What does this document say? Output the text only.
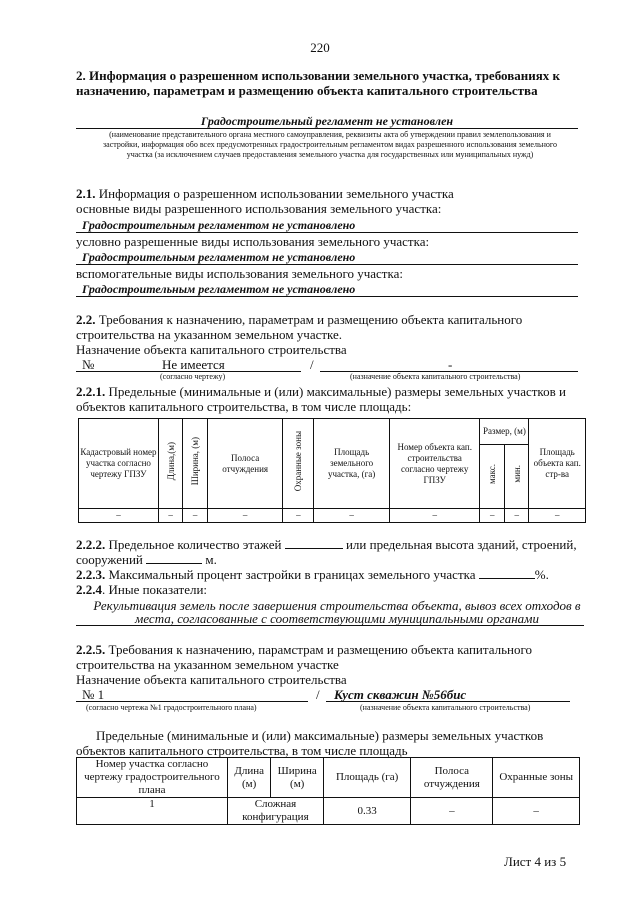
220
2. Информация о разрешенном использовании земельного участка, требованиях к назначению, параметрам и размещению объекта капитального строительства
Градостроительный регламент не установлен
(наименование представительного органа местного самоуправления, реквизиты акта об утверждении правил землепользования и застройки, информация обо всех предусмотренных градостроительным регламентом видах разрешенного использования земельного участка (за исключением случаев предоставления земельного участка для государственных или муниципальных нужд)
2.1. Информация о разрешенном использовании земельного участка
основные виды разрешенного использования земельного участка:
Градостроительным регламентом не установлено
условно разрешенные виды использования земельного участка:
Градостроительным регламентом не установлено
вспомогательные виды использования земельного участка:
Градостроительным регламентом не установлено
2.2. Требования к назначению, параметрам и размещению объекта капитального
строительства на указанном земельном участке.
Назначение объекта капитального строительства
№	Не имеется	/	-
(согласно чертежу)	(назначение объекта капитального строительства)
2.2.1. Предельные (минимальные и (или) максимальные) размеры земельных участков и
объектов капитального строительства, в том числе площадь:
Кадастровый номер участка согласно чертежу ГПЗУ	Длина,(м)	Ширина, (м)	Полоса отчуждения	Охранные зоны	Площадь земельного участка, (га)	Номер объекта кап. строительства согласно чертежу ГПЗУ	Размер, (м)		Площадь объекта кап. стр-ва
							макс.	мин.	
–	–	–	–	–	–	–	–	–	–
2.2.2. Предельное количество этажей	или предельная высота зданий, строений,
сооружений	м.
2.2.3. Максимальный процент застройки в границах земельного участка	%.
2.2.4. Иные показатели:
Рекультивация земель после завершения строительства объекта, вывоз всех отходов в
места, согласованные с соответствующими муниципальными органами
2.2.5. Требования к назначению, парамстрам и размещению объекта капитального
строительства на указанном земельном участке
Назначение объекта капитального строительства
№ 1	/ Куст скважин №56бис
(согласно чертежа №1 градостроительного плана)	(назначение объекта капитального строительства)
Предельные (минимальные и (или) максимальные) размеры земельных участков
объектов капитального строительства, в том числе площадь
Номер участка согласно чертежу градостроительного плана	Длина (м)	Ширина (м)	Площадь (га)	Полоса отчуждения	Охранные зоны
1	Сложная конфигурация		0.33	–	–
Лист 4 из 5
